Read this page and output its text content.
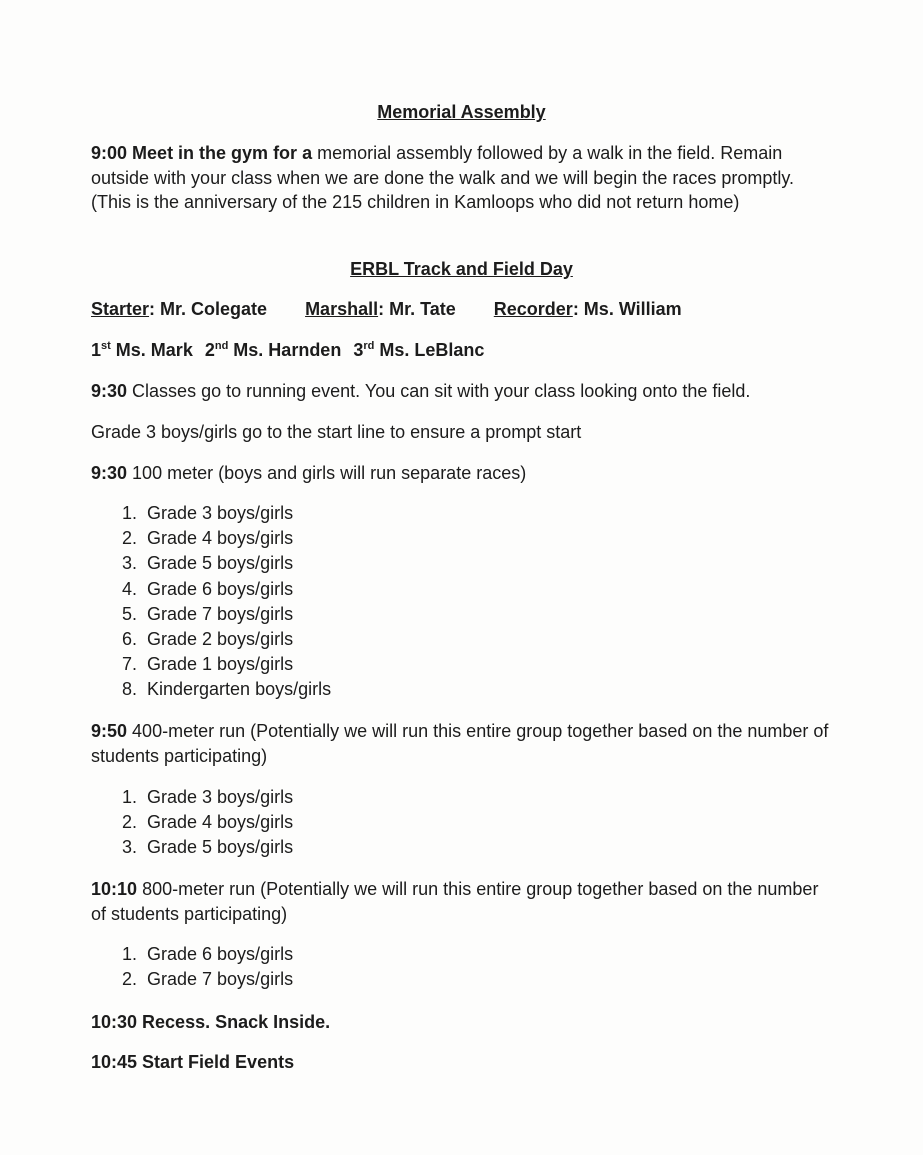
Memorial Assembly

9:00 Meet in the gym for a memorial assembly followed by a walk in the field. Remain outside with your class when we are done the walk and we will begin the races promptly. (This is the anniversary of the 215 children in Kamloops who did not return home)

ERBL Track and Field Day

Starter: Mr. Colegate Marshall: Mr. Tate Recorder: Ms. William

1st Ms. Mark 2nd Ms. Harnden 3rd Ms. LeBlanc

9:30 Classes go to running event. You can sit with your class looking onto the field.

Grade 3 boys/girls go to the start line to ensure a prompt start

9:30 100 meter (boys and girls will run separate races)

1. Grade 3 boys/girls
2. Grade 4 boys/girls
3. Grade 5 boys/girls
4. Grade 6 boys/girls
5. Grade 7 boys/girls
6. Grade 2 boys/girls
7. Grade 1 boys/girls
8. Kindergarten boys/girls

9:50 400-meter run (Potentially we will run this entire group together based on the number of students participating)

1. Grade 3 boys/girls
2. Grade 4 boys/girls
3. Grade 5 boys/girls

10:10 800-meter run (Potentially we will run this entire group together based on the number of students participating)

1. Grade 6 boys/girls
2. Grade 7 boys/girls

10:30 Recess. Snack Inside.

10:45 Start Field Events
